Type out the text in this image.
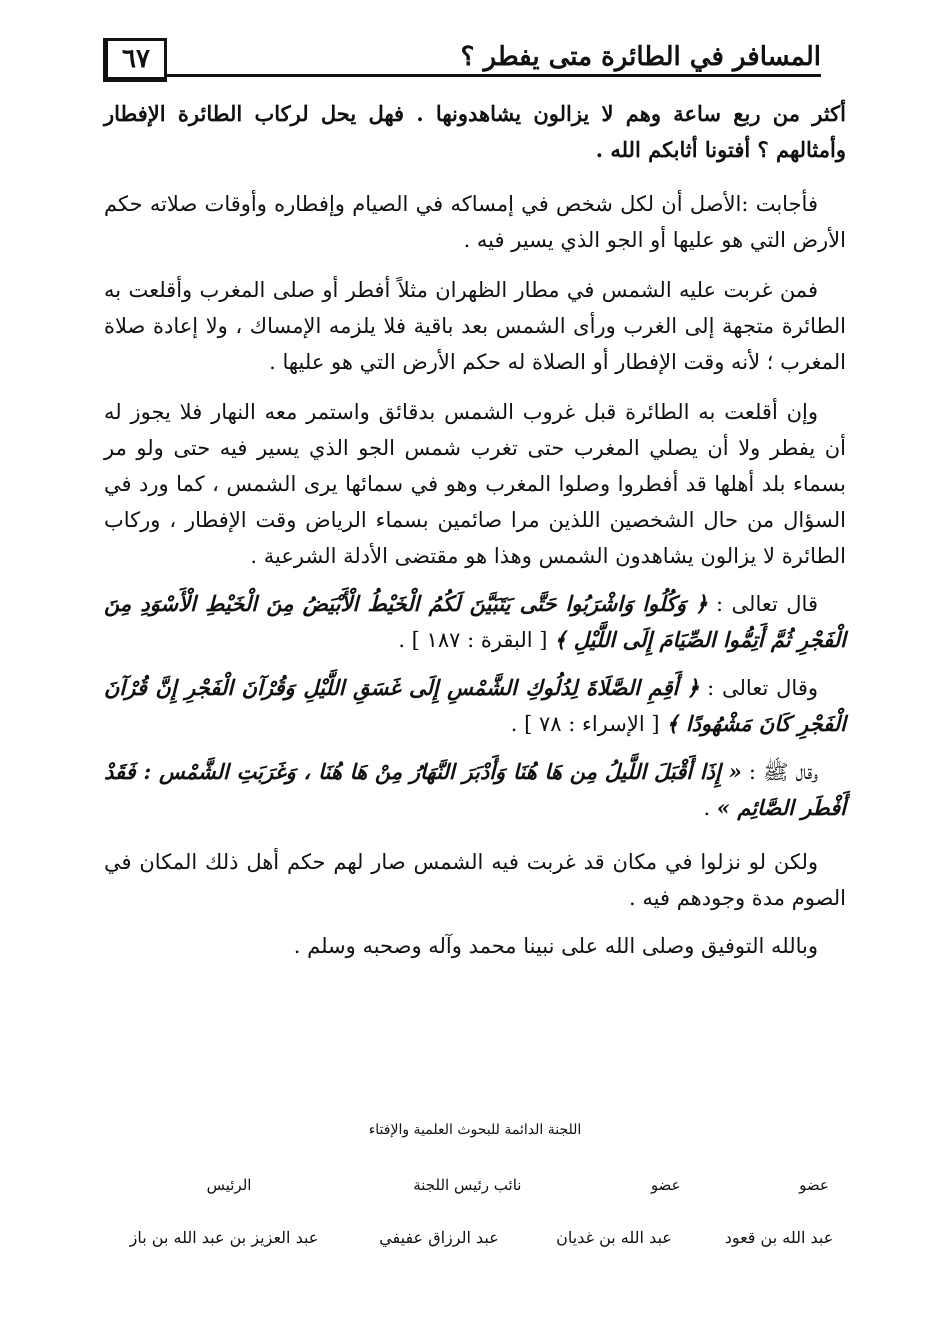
٦٧	المسافر في الطائرة متى يفطر ؟

أكثر من ربع ساعة وهم لا يزالون يشاهدونها . فهل يحل لركاب الطائرة الإفطار وأمثالهم ؟ أفتونا أثابكم الله .

فأجابت :الأصل أن لكل شخص في إمساكه في الصيام وإفطاره وأوقات صلاته حكم الأرض التي هو عليها أو الجو الذي يسير فيه .

فمن غربت عليه الشمس في مطار الظهران مثلاً أفطر أو صلى المغرب وأقلعت به الطائرة متجهة إلى الغرب ورأى الشمس بعد باقية فلا يلزمه الإمساك ، ولا إعادة صلاة المغرب ؛ لأنه وقت الإفطار أو الصلاة له حكم الأرض التي هو عليها .

وإن أقلعت به الطائرة قبل غروب الشمس بدقائق واستمر معه النهار فلا يجوز له أن يفطر ولا أن يصلي المغرب حتى تغرب شمس الجو الذي يسير فيه حتى ولو مر بسماء بلد أهلها قد أفطروا وصلوا المغرب وهو في سمائها يرى الشمس ، كما ورد في السؤال من حال الشخصين اللذين مرا صائمين بسماء الرياض وقت الإفطار ، وركاب الطائرة لا يزالون يشاهدون الشمس وهذا هو مقتضى الأدلة الشرعية .

قال تعالى : ﴿ وَكُلُوا وَاشْرَبُوا حَتَّى يَتَبَيَّنَ لَكُمُ الْخَيْطُ الْأَبْيَضُ مِنَ الْخَيْطِ الْأَسْوَدِ مِنَ الْفَجْرِ ثُمَّ أَتِمُّوا الصِّيَامَ إِلَى اللَّيْلِ ﴾ [ البقرة : ١٨٧ ] .

وقال تعالى : ﴿ أَقِمِ الصَّلَاةَ لِدُلُوكِ الشَّمْسِ إِلَى غَسَقِ اللَّيْلِ وَقُرْآنَ الْفَجْرِ إِنَّ قُرْآنَ الْفَجْرِ كَانَ مَشْهُودًا ﴾ [ الإسراء : ٧٨ ] .

وقال ﷺ : « إِذَا أَقْبَلَ اللَّيلُ مِن هَا هُنَا وَأَدْبَرَ النَّهَارُ مِنْ هَا هُنَا ، وَغَرَبَتِ الشَّمْس : فَقَدْ أَفْطَر الصَّائِم » .

ولكن لو نزلوا في مكان قد غربت فيه الشمس صار لهم حكم أهل ذلك المكان في الصوم مدة وجودهم فيه .

وبالله التوفيق وصلى الله على نبينا محمد وآله وصحبه وسلم .

اللجنة الدائمة للبحوث العلمية والإفتاء
عضو
عضو
نائب رئيس اللجنة
الرئيس
عبد الله بن قعود
عبد الله بن غديان
عبد الرزاق عفيفي
عبد العزيز بن عبد الله بن باز
